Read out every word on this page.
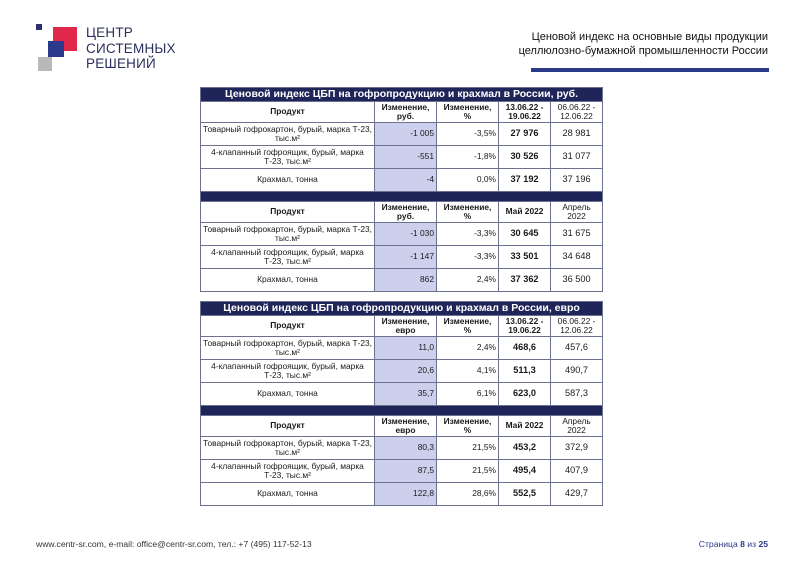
ЦЕНТР
СИСТЕМНЫХ
РЕШЕНИЙ
Ценовой индекс на основные виды продукции
целлюлозно-бумажной промышленности России
Ценовой индекс ЦБП на гофропродукцию и крахмал в России, руб.				
Продукт	Изменение, руб.	Изменение, %	13.06.22 - 19.06.22	06.06.22 - 12.06.22
Товарный гофрокартон, бурый, марка Т-23, тыс.м²	-1 005	-3,5%	27 976	28 981
4-клапанный гофроящик, бурый, марка Т-23, тыс.м²	-551	-1,8%	30 526	31 077
Крахмал, тонна	-4	0,0%	37 192	37 196

Продукт	Изменение, руб.	Изменение, %	Май 2022	Апрель 2022
Товарный гофрокартон, бурый, марка Т-23, тыс.м²	-1 030	-3,3%	30 645	31 675
4-клапанный гофроящик, бурый, марка Т-23, тыс.м²	-1 147	-3,3%	33 501	34 648
Крахмал, тонна	862	2,4%	37 362	36 500
Ценовой индекс ЦБП на гофропродукцию и крахмал в России, евро				
Продукт	Изменение, евро	Изменение, %	13.06.22 - 19.06.22	06.06.22 - 12.06.22
Товарный гофрокартон, бурый, марка Т-23, тыс.м²	11,0	2,4%	468,6	457,6
4-клапанный гофроящик, бурый, марка Т-23, тыс.м²	20,6	4,1%	511,3	490,7
Крахмал, тонна	35,7	6,1%	623,0	587,3

Продукт	Изменение, евро	Изменение, %	Май 2022	Апрель 2022
Товарный гофрокартон, бурый, марка Т-23, тыс.м²	80,3	21,5%	453,2	372,9
4-клапанный гофроящик, бурый, марка Т-23, тыс.м²	87,5	21,5%	495,4	407,9
Крахмал, тонна	122,8	28,6%	552,5	429,7
www.centr-sr.com, e-mail: office@centr-sr.com, тел.: +7 (495) 117-52-13	Страница 8 из 25
